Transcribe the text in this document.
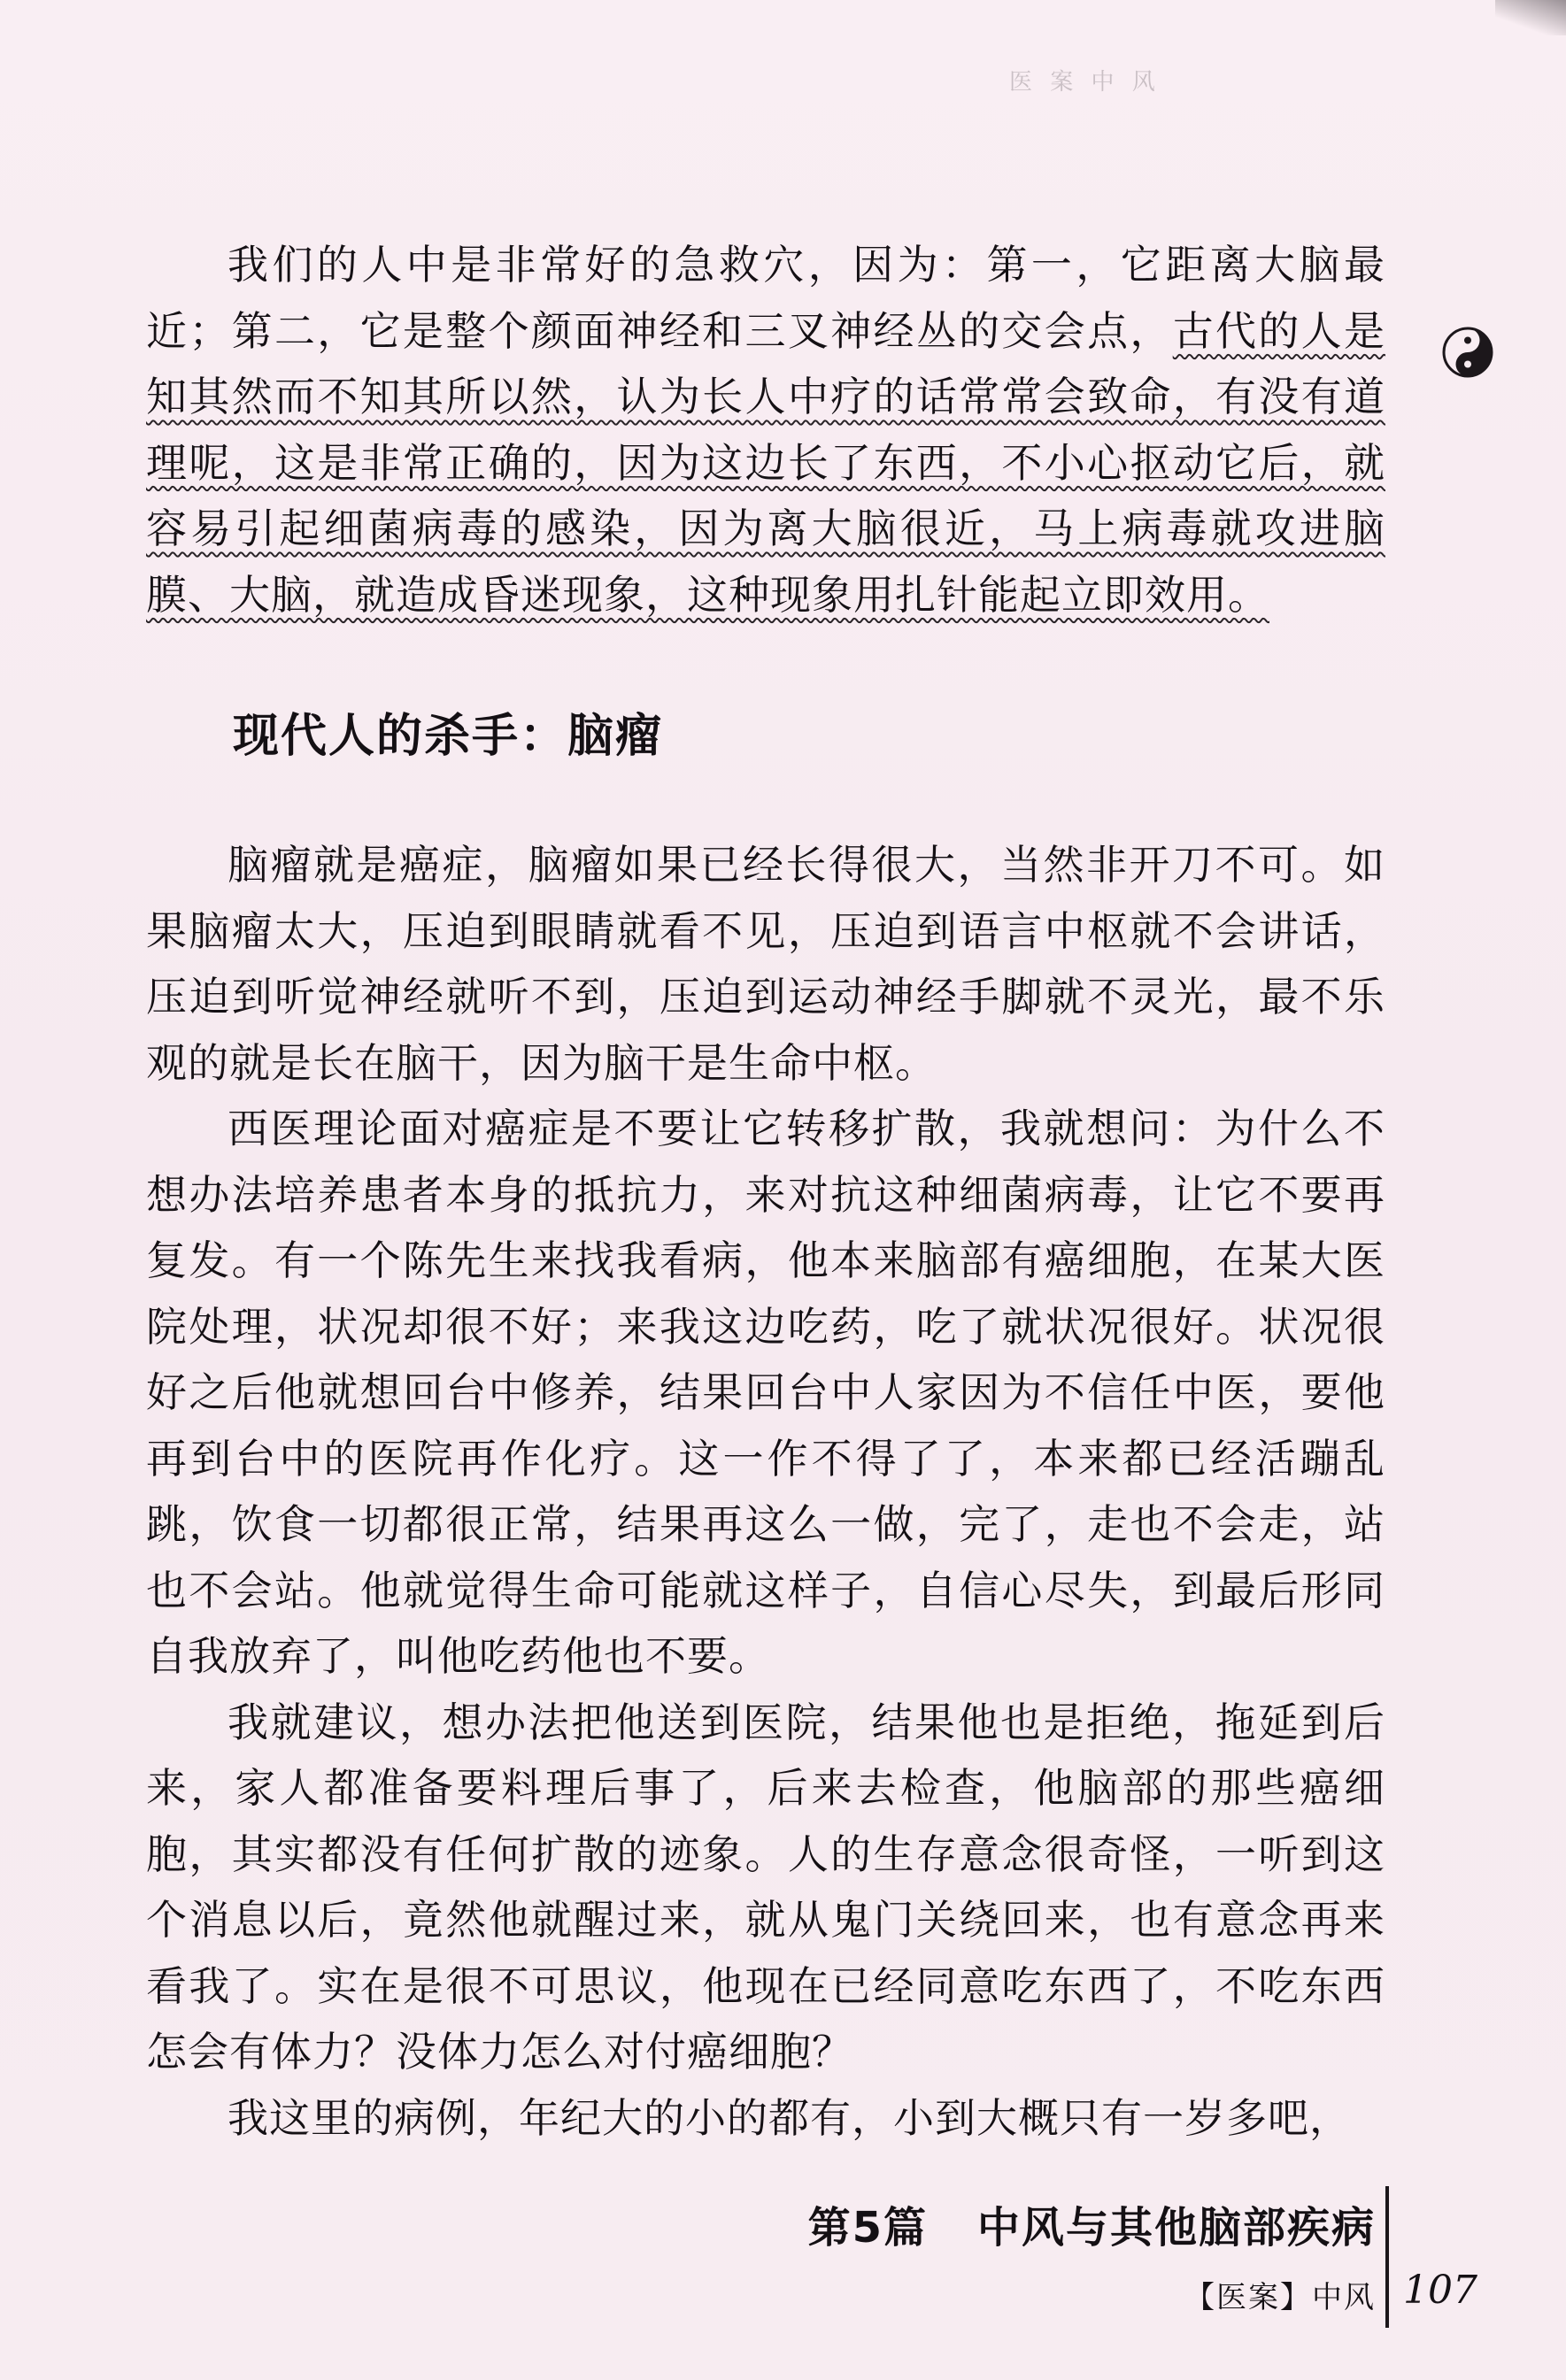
医 案 中 风

我们的人中是非常好的急救穴，因为：第一，它距离大脑最近；第二，它是整个颜面神经和三叉神经丛的交会点，古代的人是知其然而不知其所以然，认为长人中疗的话常常会致命，有没有道理呢，这是非常正确的，因为这边长了东西，不小心抠动它后，就容易引起细菌病毒的感染，因为离大脑很近，马上病毒就攻进脑膜、大脑，就造成昏迷现象，这种现象用扎针能起立即效用。

现代人的杀手：脑瘤

脑瘤就是癌症，脑瘤如果已经长得很大，当然非开刀不可。如果脑瘤太大，压迫到眼睛就看不见，压迫到语言中枢就不会讲话，压迫到听觉神经就听不到，压迫到运动神经手脚就不灵光，最不乐观的就是长在脑干，因为脑干是生命中枢。

西医理论面对癌症是不要让它转移扩散，我就想问：为什么不想办法培养患者本身的抵抗力，来对抗这种细菌病毒，让它不要再复发。有一个陈先生来找我看病，他本来脑部有癌细胞，在某大医院处理，状况却很不好；来我这边吃药，吃了就状况很好。状况很好之后他就想回台中修养，结果回台中人家因为不信任中医，要他再到台中的医院再作化疗。这一作不得了了，本来都已经活蹦乱跳，饮食一切都很正常，结果再这么一做，完了，走也不会走，站也不会站。他就觉得生命可能就这样子，自信心尽失，到最后形同自我放弃了，叫他吃药他也不要。

我就建议，想办法把他送到医院，结果他也是拒绝，拖延到后来，家人都准备要料理后事了，后来去检查，他脑部的那些癌细胞，其实都没有任何扩散的迹象。人的生存意念很奇怪，一听到这个消息以后，竟然他就醒过来，就从鬼门关绕回来，也有意念再来看我了。实在是很不可思议，他现在已经同意吃东西了，不吃东西怎会有体力？没体力怎么对付癌细胞？

我这里的病例，年纪大的小的都有，小到大概只有一岁多吧，

第5篇 中风与其他脑部疾病
【医案】中风 107
